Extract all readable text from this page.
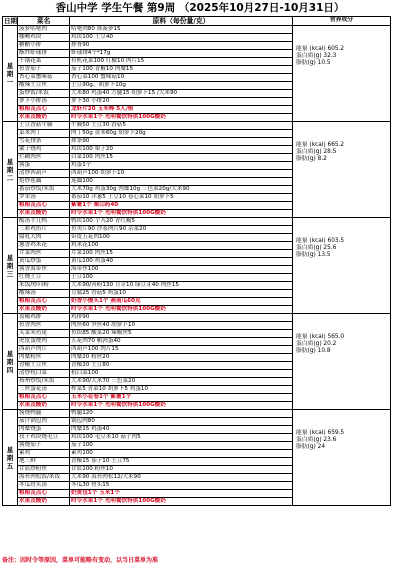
香山中学 学生午餐 第9周 （2025年10月27日-10月31日）
日期	菜名	原料（每份量/克）	营养成分

星
期
一	菠萝咕咾肉	咕咾肉80 淮菠萝15	能量 (kcal) 605.2
蛋白质(g) 32.3
脂肪(g) 10.5

	咖喱鸡块	鸡块100 土豆40	
	糖醋小排	排骨90	
	酥炸虾球排	虾球排4个*17g	
	干锅花菜	有机花菜100 红椒10 肉片15	
	鱼香茄子	茄子100 青椒10 肉糜15	
	杏心菜蟹味菇	杏心菜100 蟹味菇10	
	酸辣土豆丝	土豆90g、胡萝卜10g	
	蛋炒饭/米饭	大米80 鸡蛋40 方腿15 胡萝卜15 /大米90	
	萝卜小排汤	萝卜30 小排20	
	粗粮及点心	龙虾片20 玉米棒 5人/根	
	水果及酸奶	时令水果1个 光明餐饮特供100G酸奶	

星
期
二	土豆香菇牛腩	牛腩50 土豆30 香菇5	能量 (kcal) 665.2
蛋白质(g) 28.5
脂肪(g) 8.2

	菜米肉丁	肉丁50g 黄米60g 胡萝卜20g	
	雪花排条	排条90	
	粟子烧鸡	鸡块100 栗子20	
	烂糊肉丝	白菜100 肉丝15	
	酱蛋	鸡蛋1个	
	清炒西葫芦	西葫芦100 胡萝卜10	
	炝炒莲藕	莲藕100	
	番茄炒饭/米饭	大米70g 鸡蛋30g 肉糜10g 三色菜20g/大米90	
	罗宋汤	番茄10 洋葱5 土豆10 卷心菜10 胡萝卜5	
	粗粮及点心	紫薯1个 桑山药40	
	水果及酸奶	时令水果1个 光明餐饮特供100G酸奶	

星
期
三	酷汤芋儿鸭	鸭块100 芋艿20 青红椒5	能量 (kcal) 603.5
蛋白质(g) 25.6
脂肪(g) 13.5

	三彩鸡鱼片	鱼类片90 沙茶肉片90 杂菜20	
	腐乳大肉	带皮五花肉100	
	葱香鸡米花	鸡米花100	
	芹菜肉丝	芹菜100 肉丝15	
	黄瓜炒蛋	黄瓜100 鸡蛋40	
	酱香海带丝	海带丝100	
	红烧土豆	土豆100	
	米饭/炒河粉	大米90/河粉130 豆芽10 绿豆芽40 肉丝15	
	酸辣汤	豆腐25 香菇5 鸡蛋10	
	粗粮及点心	奶香小馒头1个 燕南瓜60克	
	水果及酸奶	时令水果1个 光明餐饮特供100G酸奶	

星
期
四	蔷椒鸡排	鸡排90	能量 (kcal) 565.0
蛋白质(g) 20.2
脂肪(g) 10.8

	鱼香肉丝	肉丝60 笋丝40 胡萝卜10	
	芙菜米鱼尾	鱼块85 酸菜20 辣椒丝5	
	虎皮蛋烧肉	五花肉70 鹌鹑蛋40	
	西葫芦肉片	西葫芦100 肉片15	
	肉糜粉丝	肉糜20 粉丝20	
	青椒土豆丝	青椒20 土豆80	
	清炒杭白菜	杭白菜100	
	扬州炒饭/米饭	大米90/大米70 三色菜20	
	三丝蛋花汤	榨菜5 青菜10 胡萝卜5 鸡蛋10	
	粗粮及点心	玉米小花卷1个 紫薯1个	
	水果及酸奶	时令水果1个 光明餐饮特供100G酸奶	

星
期
五	酱烧鸭腿	鸭腿120	能量 (kcal) 659.5
蛋白质(g) 23.6
脂肪(g) 24

	茄汁锅包肉	锅包肉80	
	肉糜烧蛋	肉糜15 鸡蛋40	
	孜子鸡块烧毛豆	鸡块100 毛豆米10 菇子肉5	
	酱烧茄子	茄子100	
	素鸡	素鸡100	
	地三鲜	青椒15 茄子10 土豆75	
	甘蓝炒粉丝	甘蓝100 粉丝10	
	海苔肉松饭/米饭	大米90 海苔肉松12/大米90	
	冬瓜骨头汤	冬瓜30 骨头15	
	粗粮及点心	奶黄包1个 玉米1个	
	水果及酸奶	时令水果1个 光明餐饮特供100G酸奶	
备注：因时令等原因，菜单可能略有变动，以当日菜单为准
